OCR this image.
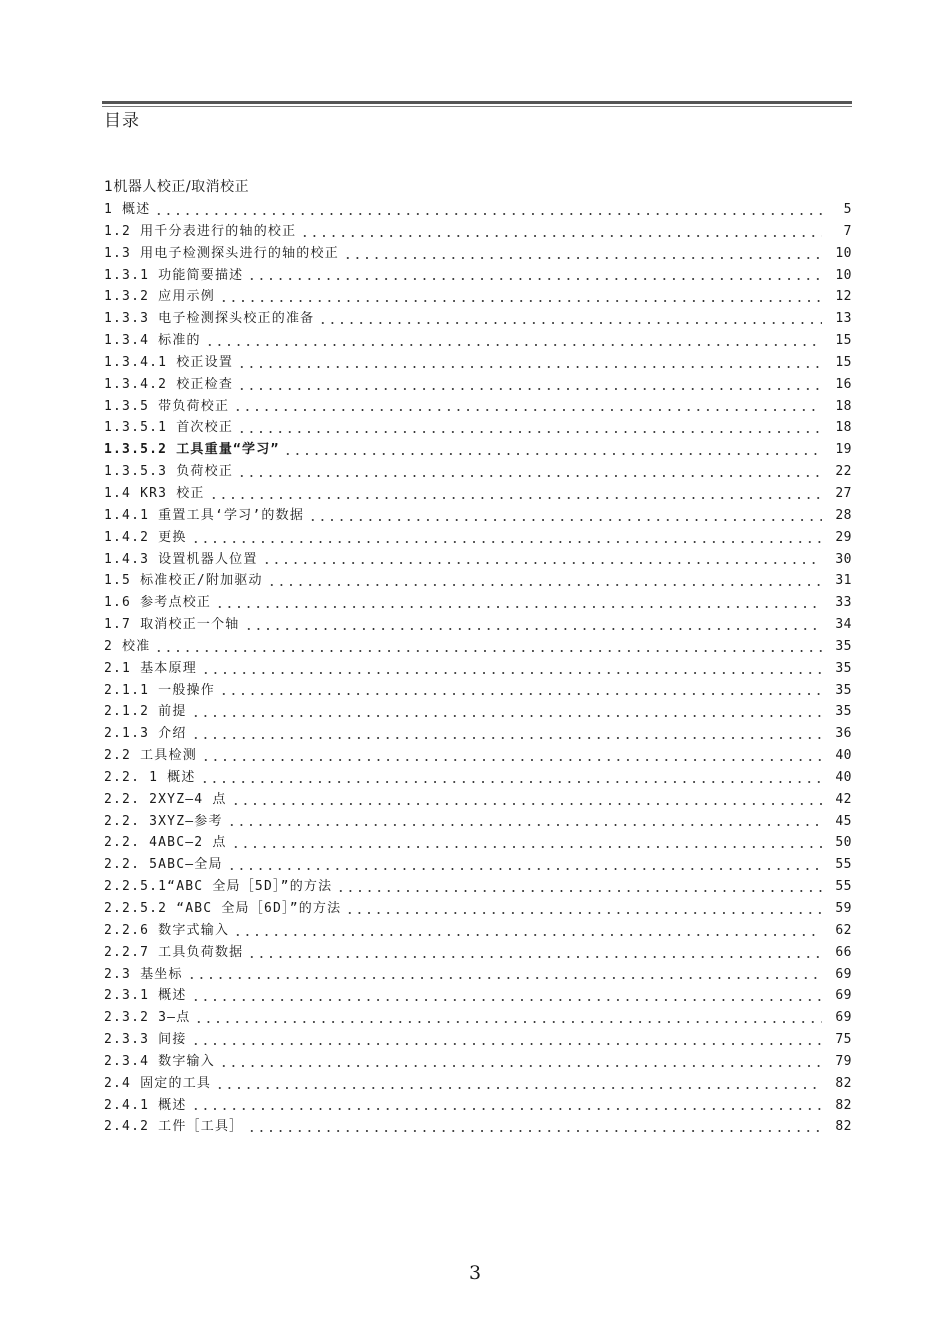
目录
1机器人校正/取消校正
1 概述	5
1.2 用千分表进行的轴的校正	7
1.3 用电子检测探头进行的轴的校正	10
1.3.1 功能简要描述	10
1.3.2 应用示例	12
1.3.3 电子检测探头校正的准备	13
1.3.4 标准的	15
1.3.4.1 校正设置	15
1.3.4.2 校正检查	16
1.3.5 带负荷校正	18
1.3.5.1 首次校正	18
1.3.5.2 工具重量“学习”	19
1.3.5.3 负荷校正	22
1.4 KR3 校正	27
1.4.1 重置工具‘学习’的数据	28
1.4.2 更换	29
1.4.3 设置机器人位置	30
1.5 标准校正/附加驱动	31
1.6 参考点校正	33
1.7 取消校正一个轴	34
2 校准	35
2.1 基本原理	35
2.1.1 一般操作	35
2.1.2 前提	35
2.1.3 介绍	36
2.2 工具检测	40
2.2. 1 概述	40
2.2. 2XYZ—4 点	42
2.2. 3XYZ—参考	45
2.2. 4ABC—2 点	50
2.2. 5ABC—全局	55
2.2.5.1“ABC 全局［5D］”的方法	55
2.2.5.2 “ABC 全局［6D］”的方法	59
2.2.6 数字式输入	62
2.2.7 工具负荷数据	66
2.3 基坐标	69
2.3.1 概述	69
2.3.2 3—点	69
2.3.3 间接	75
2.3.4 数字输入	79
2.4 固定的工具	82
2.4.1 概述	82
2.4.2 工件［工具］	82
3
